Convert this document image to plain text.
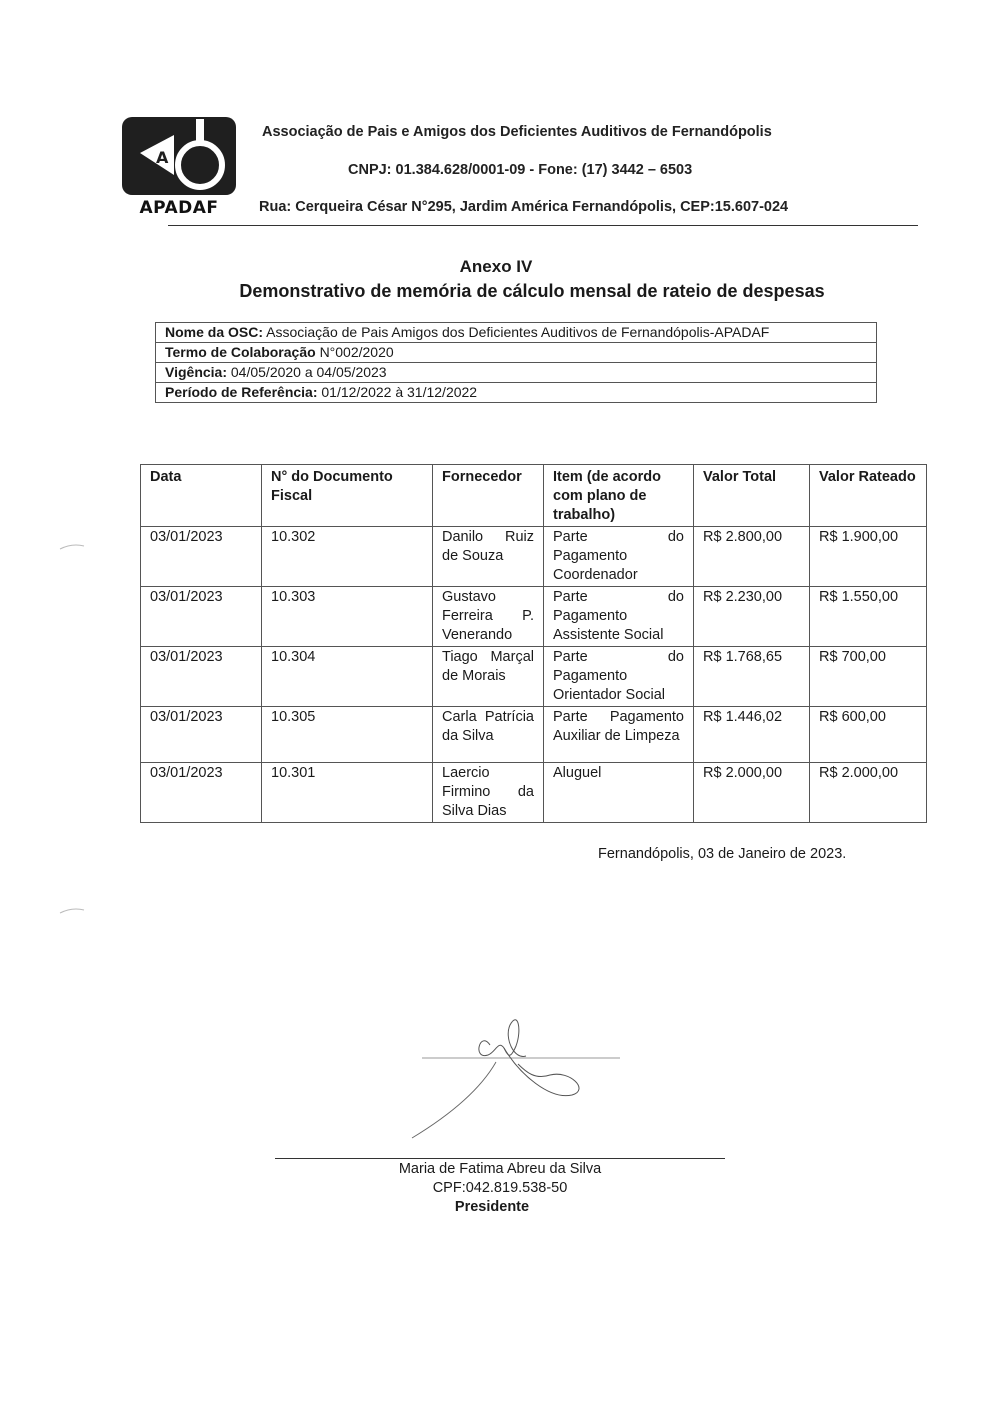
A
APADAF
Associação de Pais e Amigos dos Deficientes Auditivos de Fernandópolis
CNPJ: 01.384.628/0001-09 - Fone: (17) 3442 – 6503
Rua: Cerqueira César N°295, Jardim América Fernandópolis, CEP:15.607-024
Anexo IV
Demonstrativo de memória de cálculo mensal de rateio de despesas
Nome da OSC: Associação de Pais Amigos dos Deficientes Auditivos de Fernandópolis-APADAF
Termo de Colaboração N°002/2020
Vigência: 04/05/2020 a 04/05/2023
Período de Referência: 01/12/2022 à 31/12/2022
Data	N° do Documento Fiscal	Fornecedor	Item (de acordo com plano de trabalho)	Valor Total	Valor Rateado
03/01/2023	10.302	Danilo Ruiz de Souza	Parte do Pagamento Coordenador	R$ 2.800,00	R$ 1.900,00
03/01/2023	10.303	Gustavo Ferreira P. Venerando	Parte do Pagamento Assistente Social	R$ 2.230,00	R$ 1.550,00
03/01/2023	10.304	Tiago Marçal de Morais	Parte do Pagamento Orientador Social	R$ 1.768,65	R$ 700,00
03/01/2023	10.305	Carla Patrícia da Silva	Parte Pagamento Auxiliar de Limpeza	R$ 1.446,02	R$ 600,00
03/01/2023	10.301	Laercio Firmino da Silva Dias	Aluguel	R$ 2.000,00	R$ 2.000,00
Fernandópolis, 03 de Janeiro de 2023.
Maria de Fatima Abreu da Silva
CPF:042.819.538-50
Presidente
